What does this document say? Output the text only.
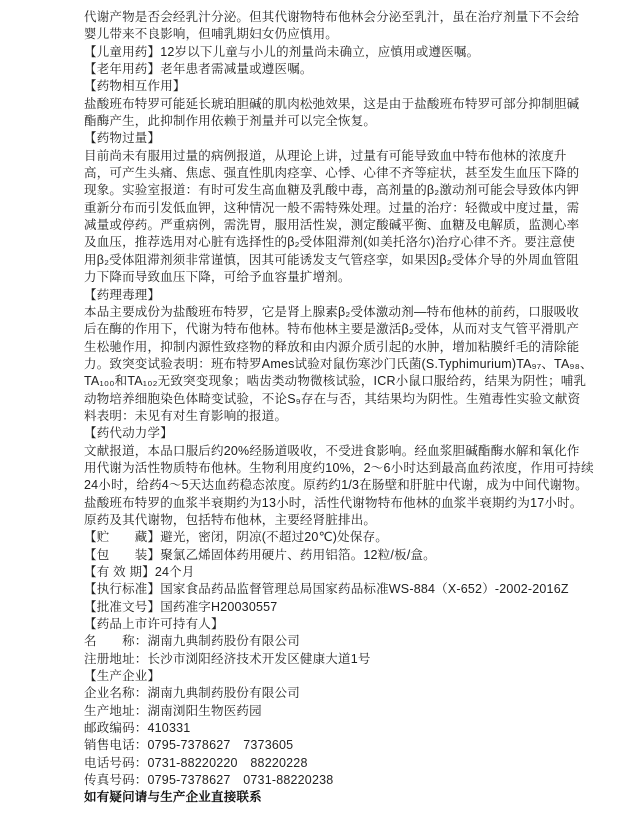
代谢产物是否会经乳汁分泌。但其代谢物特布他林会分泌至乳汁，虽在治疗剂量下不会给
婴儿带来不良影响，但哺乳期妇女仍应慎用。
【儿童用药】12岁以下儿童与小儿的剂量尚未确立，应慎用或遵医嘱。
【老年用药】老年患者需减量或遵医嘱。
【药物相互作用】
盐酸班布特罗可能延长琥珀胆碱的肌肉松弛效果，这是由于盐酸班布特罗可部分抑制胆碱
酯酶产生，此抑制作用依赖于剂量并可以完全恢复。
【药物过量】
目前尚未有服用过量的病例报道，从理论上讲，过量有可能导致血中特布他林的浓度升
高，可产生头痛、焦虑、强直性肌肉痉挛、心悸、心律不齐等症状，甚至发生血压下降的
现象。实验室报道：有时可发生高血糖及乳酸中毒，高剂量的β₂激动剂可能会导致体内钾
重新分布而引发低血钾，这种情况一般不需特殊处理。过量的治疗：轻微或中度过量，需
减量或停药。严重病例，需洗胃，服用活性炭，测定酸碱平衡、血糖及电解质，监测心率
及血压，推荐选用对心脏有选择性的β₂受体阻滞剂(如美托洛尔)治疗心律不齐。要注意使
用β₂受体阻滞剂须非常谨慎，因其可能诱发支气管痉挛，如果因β₂受体介导的外周血管阻
力下降而导致血压下降，可给予血容量扩增剂。
【药理毒理】
本品主要成份为盐酸班布特罗，它是肾上腺素β₂受体激动剂—特布他林的前药，口服吸收
后在酶的作用下，代谢为特布他林。特布他林主要是激活β₂受体，从而对支气管平滑肌产
生松驰作用，抑制内源性致痉物的释放和由内源介质引起的水肿，增加粘膜纤毛的清除能
力。致突变试验表明：班布特罗Ames试验对鼠伤寒沙门氏菌(S.Typhimurium)TA₉₇、TA₉₈、
TA₁₀₀和TA₁₀₂无致突变现象；啮齿类动物微核试验，ICR小鼠口服给药，结果为阴性；哺乳
动物培养细胞染色体畸变试验，不论S₉存在与否，其结果均为阴性。生殖毒性实验文献资
料表明：未见有对生育影响的报道。
【药代动力学】
文献报道，本品口服后约20%经肠道吸收，不受进食影响。经血浆胆碱酯酶水解和氧化作
用代谢为活性物质特布他林。生物利用度约10%，2～6小时达到最高血药浓度，作用可持续
24小时，给药4～5天达血药稳态浓度。原药约1/3在肠壁和肝脏中代谢，成为中间代谢物。
盐酸班布特罗的血浆半衰期约为13小时，活性代谢物特布他林的血浆半衰期约为17小时。
原药及其代谢物，包括特布他林，主要经肾脏排出。
【贮　　藏】避光，密闭，阴凉(不超过20℃)处保存。
【包　　装】聚氯乙烯固体药用硬片、药用铝箔。12粒/板/盒。
【有 效 期】24个月
【执行标准】国家食品药品监督管理总局国家药品标准WS-884（X-652）-2002-2016Z
【批准文号】国药准字H20030557
【药品上市许可持有人】
名　　称：湖南九典制药股份有限公司
注册地址：长沙市浏阳经济技术开发区健康大道1号
【生产企业】
企业名称：湖南九典制药股份有限公司
生产地址：湖南浏阳生物医药园
邮政编码：410331
销售电话：0795-7378627　7373605
电话号码：0731-88220220　88220228
传真号码：0795-7378627　0731-88220238
如有疑问请与生产企业直接联系
